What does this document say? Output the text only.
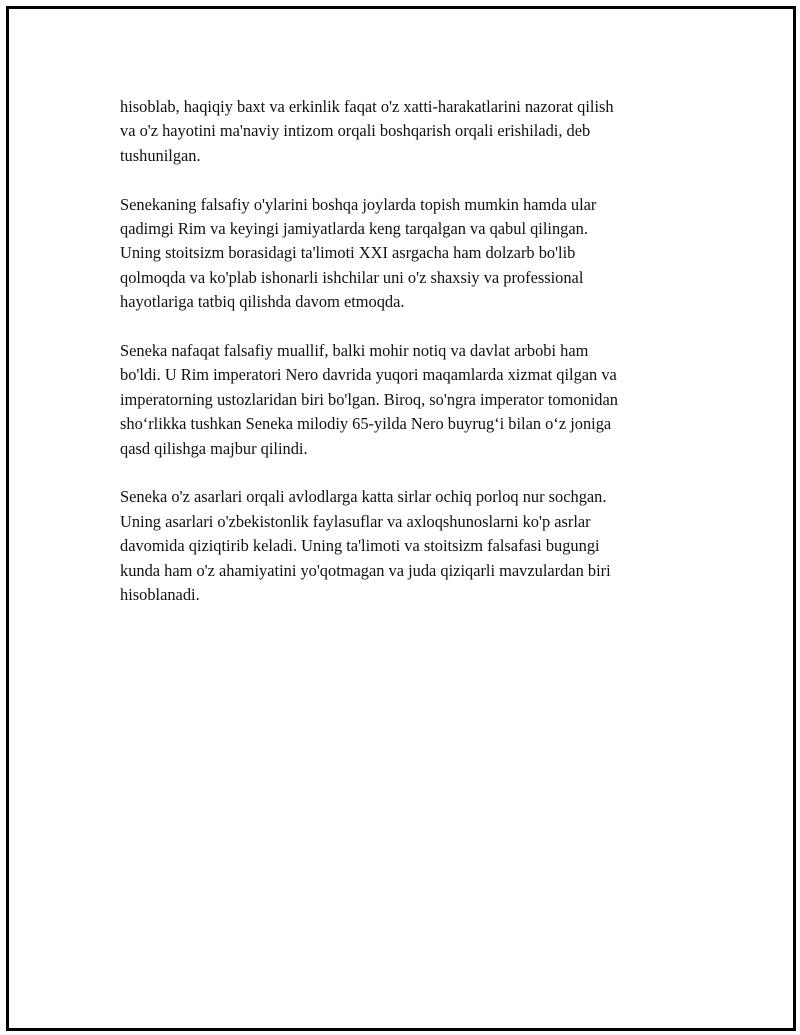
hisoblab, haqiqiy baxt va erkinlik faqat o'z xatti-harakatlarini nazorat qilish
va o'z hayotini ma'naviy intizom orqali boshqarish orqali erishiladi, deb
tushunilgan.

Senekaning falsafiy o'ylarini boshqa joylarda topish mumkin hamda ular
qadimgi Rim va keyingi jamiyatlarda keng tarqalgan va qabul qilingan.
Uning stoitsizm borasidagi ta'limoti XXI asrgacha ham dolzarb bo'lib
qolmoqda va ko'plab ishonarli ishchilar uni o'z shaxsiy va professional
hayotlariga tatbiq qilishda davom etmoqda.

Seneka nafaqat falsafiy muallif, balki mohir notiq va davlat arbobi ham
bo'ldi. U Rim imperatori Nero davrida yuqori maqamlarda xizmat qilgan va
imperatorning ustozlaridan biri bo'lgan. Biroq, so'ngra imperator tomonidan
sho‘rlikka tushkan Seneka milodiy 65-yilda Nero buyrug‘i bilan o‘z joniga
qasd qilishga majbur qilindi.

Seneka o'z asarlari orqali avlodlarga katta sirlar ochiq porloq nur sochgan.
Uning asarlari o'zbekistonlik faylasuflar va axloqshunoslarni ko'p asrlar
davomida qiziqtirib keladi. Uning ta'limoti va stoitsizm falsafasi bugungi
kunda ham o'z ahamiyatini yo'qotmagan va juda qiziqarli mavzulardan biri
hisoblanadi.
